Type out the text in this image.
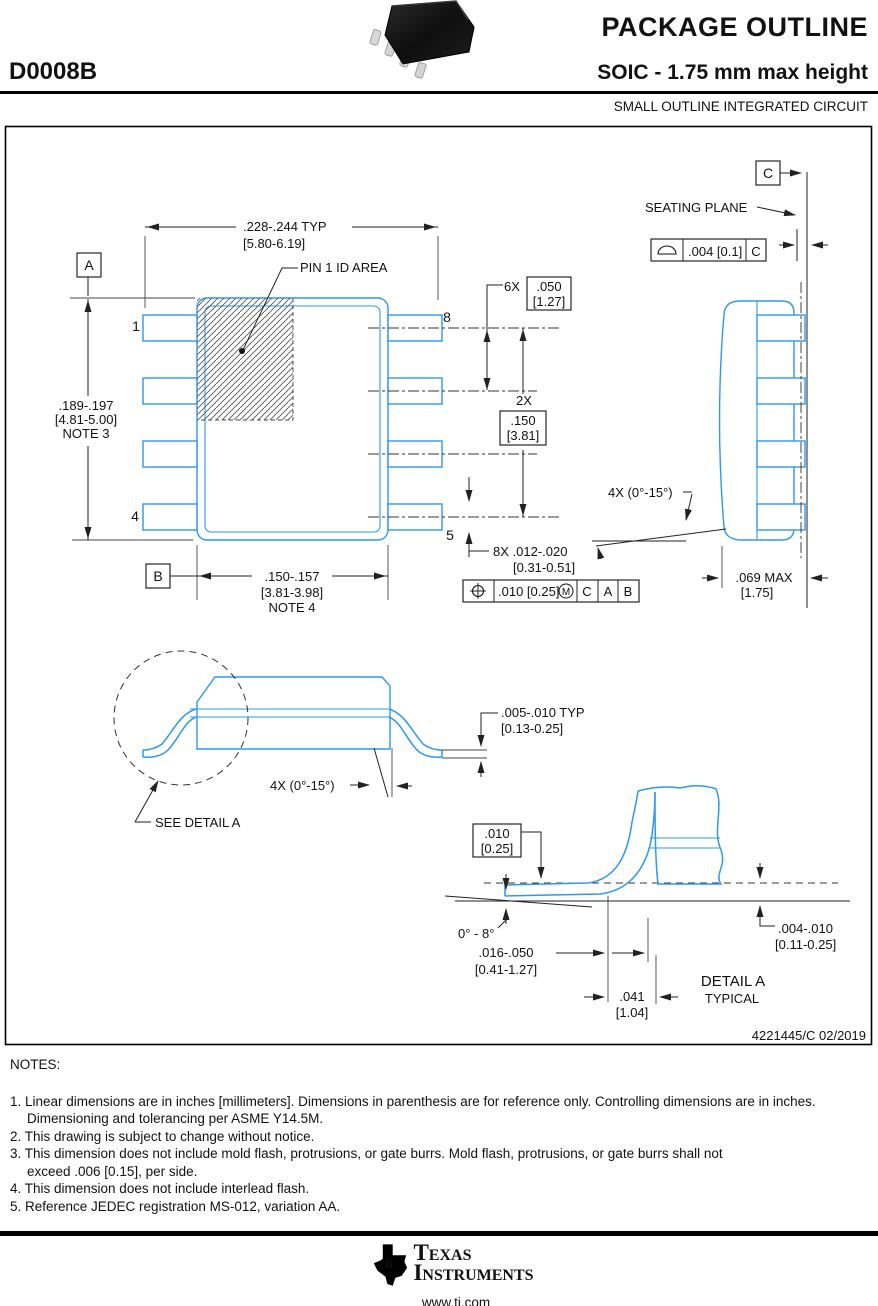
PACKAGE OUTLINE
D0008B	SOIC - 1.75 mm max height
SMALL OUTLINE INTEGRATED CIRCUIT
.228-.244 TYP
[5.80-6.19]
PIN 1 ID AREA
A
.189-.197
[4.81-5.00]
NOTE 3
B	.150-.157
[3.81-3.98]
NOTE 4
6X .050
[1.27]
2X
.150
[3.81]
8X .012-.020
[0.31-0.51]
.010 [0.25] M C A B
1
4
5
8
C
SEATING PLANE
.004 [0.1] C
4X (0°-15°)
.069 MAX
[1.75]
4X (0°-15°)
.005-.010 TYP
[0.13-0.25]
SEE DETAIL A
.010
[0.25]
0° - 8°
.016-.050
[0.41-1.27]
.041
[1.04]
.004-.010
[0.11-0.25]
DETAIL A
TYPICAL
4221445/C 02/2019
NOTES:
1. Linear dimensions are in inches [millimeters]. Dimensions in parenthesis are for reference only. Controlling dimensions are in inches.
Dimensioning and tolerancing per ASME Y14.5M.
2. This drawing is subject to change without notice.
3. This dimension does not include mold flash, protrusions, or gate burrs. Mold flash, protrusions, or gate burrs shall not
exceed .006 [0.15], per side.
4. This dimension does not include interlead flash.
5. Reference JEDEC registration MS-012, variation AA.
ti Texas
Instruments
www.ti.com
